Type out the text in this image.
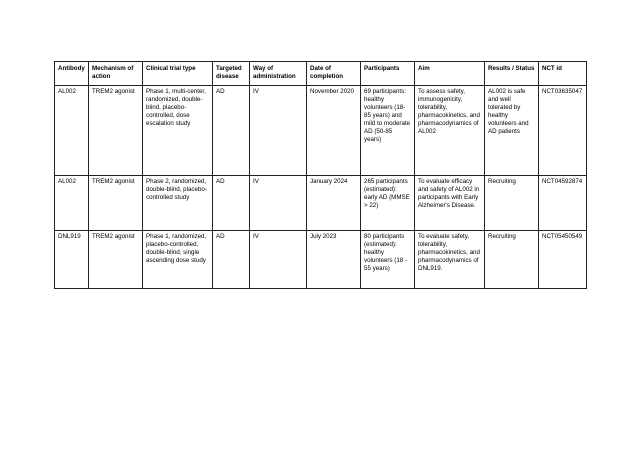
Antibody	Mechanism of action	Clinical trial type	Targeted disease	Way of administration	Date of completion	Participants	Aim	Results / Status	NCT id
AL002	TREM2 agonist	Phase 1, multi-center, randomized, double-blind, placebo-controlled, dose escalation study	AD	IV	November 2020	69 participants: healthy volunteers (18-85 years) and mild to moderate AD (50-85 years)	To assess safety, immunogenicity, tolerability, pharmacokinetics, and pharmacodynamics of AL002	AL002 is safe and well tolerated by healthy volunteers and AD patients	NCT03635047
AL002	TREM2 agonist	Phase 2, randomized, double-blind, placebo-controlled study	AD	IV	January 2024	265 participants (estimated): early AD (MMSE > 22)	To evaluate efficacy and safety of AL002 in participants with Early Alzheimer's Disease.	Recruiting	NCT04592874
DNL919	TREM2 agonist	Phase 1, randomized, placebo-controlled, double-blind, single ascending dose study	AD	IV	July 2023	80 participants (estimated): healthy volunteers (18 - 55 years)	To evaluate safety, tolerability, pharmacokinetics, and pharmacodynamics of DNL919.	Recruiting	NCT05450549
